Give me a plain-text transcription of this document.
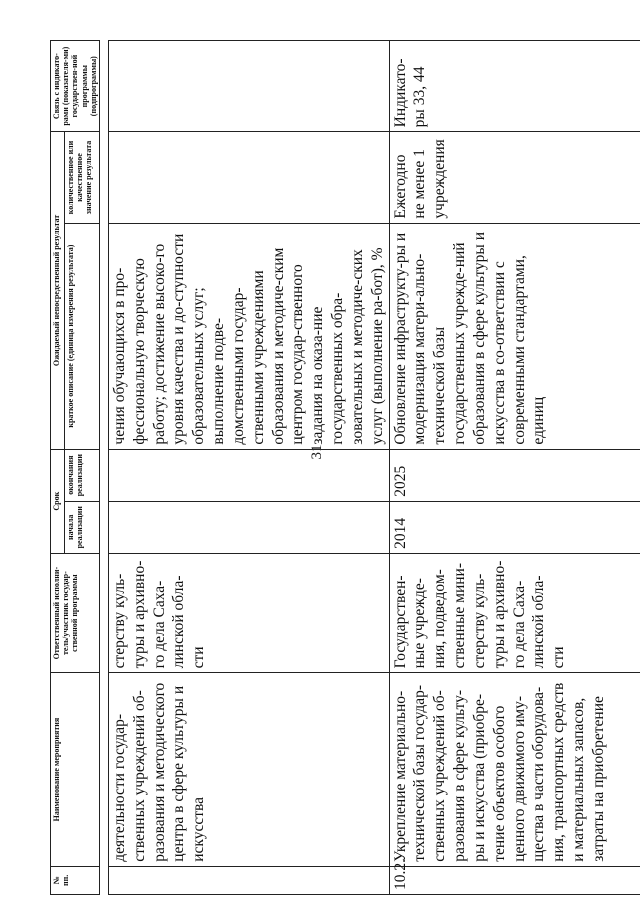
31
№ пп.	Наименование мероприятия	Ответственный исполни-тель/участник государ-ственной программы	Срок		Ожидаемый непосредственный результат		Связь с индикато-рами (показателя-ми) государствен-ной программы (подпрограммы)
			начала реализации	окончания реализации	краткое описание (единица измерения результата)	количественное или качественное значение результата	

	деятельности государ-ственных учреждений об-разования и методического центра в сфере культуры и искусства	стерству куль-туры и архивно-го дела Саха-линской обла-сти			чения обучающихся в про-фессиональную творческую работу; достижение высоко-го уровня качества и до-ступности образовательных услуг; выполнение подве-домственными государ-ственными учреждениями образования и методиче-ским центром государ-ственного задания на оказа-ние государственных обра-зовательных и методиче-ских услуг (выполнение ра-бот), %		
10.2.	Укрепление материально-технической базы государ-ственных учреждений об-разования в сфере культу-ры и искусства (приобре-тение объектов особого ценного движимого иму-щества в части оборудова-ния, транспортных средств и материальных запасов, затраты на приобретение	Государствен-ные учрежде-ния, подведом-ственные мини-стерству куль-туры и архивно-го дела Саха-линской обла-сти	2014	2025	Обновление инфраструкту-ры и модернизация матери-ально-технической базы государственных учрежде-ний образования в сфере культуры и искусства в со-ответствии с современными стандартами, единиц	Ежегодно не менее 1 учреждения	Индикато-ры 33, 44
